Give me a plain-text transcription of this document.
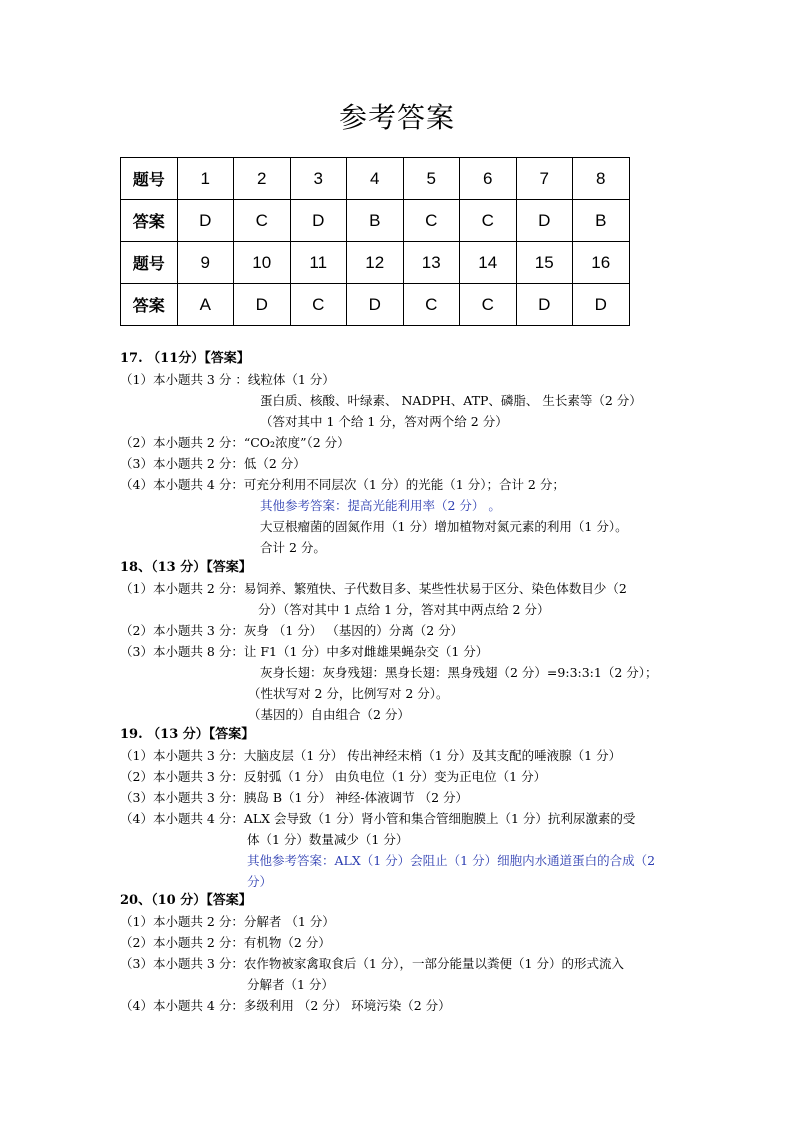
参考答案
题号	1	2	3	4	5	6	7	8
答案	D	C	D	B	C	C	D	B
题号	9	10	11	12	13	14	15	16
答案	A	D	C	D	C	C	D	D
17. （11分）【答案】
（1）本小题共 3 分 ：线粒体（1 分）
蛋白质、核酸、叶绿素、 NADPH、ATP、磷脂、 生长素等（2 分）
（答对其中 1 个给 1 分，答对两个给 2 分）
（2）本小题共 2 分：“CO₂浓度”（2 分）
（3）本小题共 2 分：低（2 分）
（4）本小题共 4 分：可充分利用不同层次（1 分）的光能（1 分）；合计 2 分；
其他参考答案：提高光能利用率（2 分） 。
大豆根瘤菌的固氮作用（1 分）增加植物对氮元素的利用（1 分）。
合计 2 分。
18、（13 分）【答案】
（1）本小题共 2 分：易饲养、繁殖快、子代数目多、某些性状易于区分、染色体数目少（2
分）（答对其中 1 点给 1 分，答对其中两点给 2 分）
（2）本小题共 3 分：灰身 （1 分） （基因的）分离（2 分）
（3）本小题共 8 分：让 F1（1 分）中多对雌雄果蝇杂交（1 分）
灰身长翅：灰身残翅：黑身长翅：黑身残翅（2 分）=9:3:3:1（2 分）；
（性状写对 2 分，比例写对 2 分）。
（基因的）自由组合（2 分）
19. （13 分）【答案】
（1）本小题共 3 分：大脑皮层（1 分） 传出神经末梢（1 分）及其支配的唾液腺（1 分）
（2）本小题共 3 分：反射弧（1 分） 由负电位（1 分）变为正电位（1 分）
（3）本小题共 3 分：胰岛 B（1 分） 神经-体液调节 （2 分）
（4）本小题共 4 分：ALX 会导致（1 分）肾小管和集合管细胞膜上（1 分）抗利尿激素的受
体（1 分）数量减少（1 分）
其他参考答案：ALX（1 分）会阻止（1 分）细胞内水通道蛋白的合成（2
分）
20、（10 分）【答案】
（1）本小题共 2 分：分解者 （1 分）
（2）本小题共 2 分：有机物（2 分）
（3）本小题共 3 分：农作物被家禽取食后（1 分），一部分能量以粪便（1 分）的形式流入
分解者（1 分）
（4）本小题共 4 分：多级利用 （2 分） 环境污染（2 分）
